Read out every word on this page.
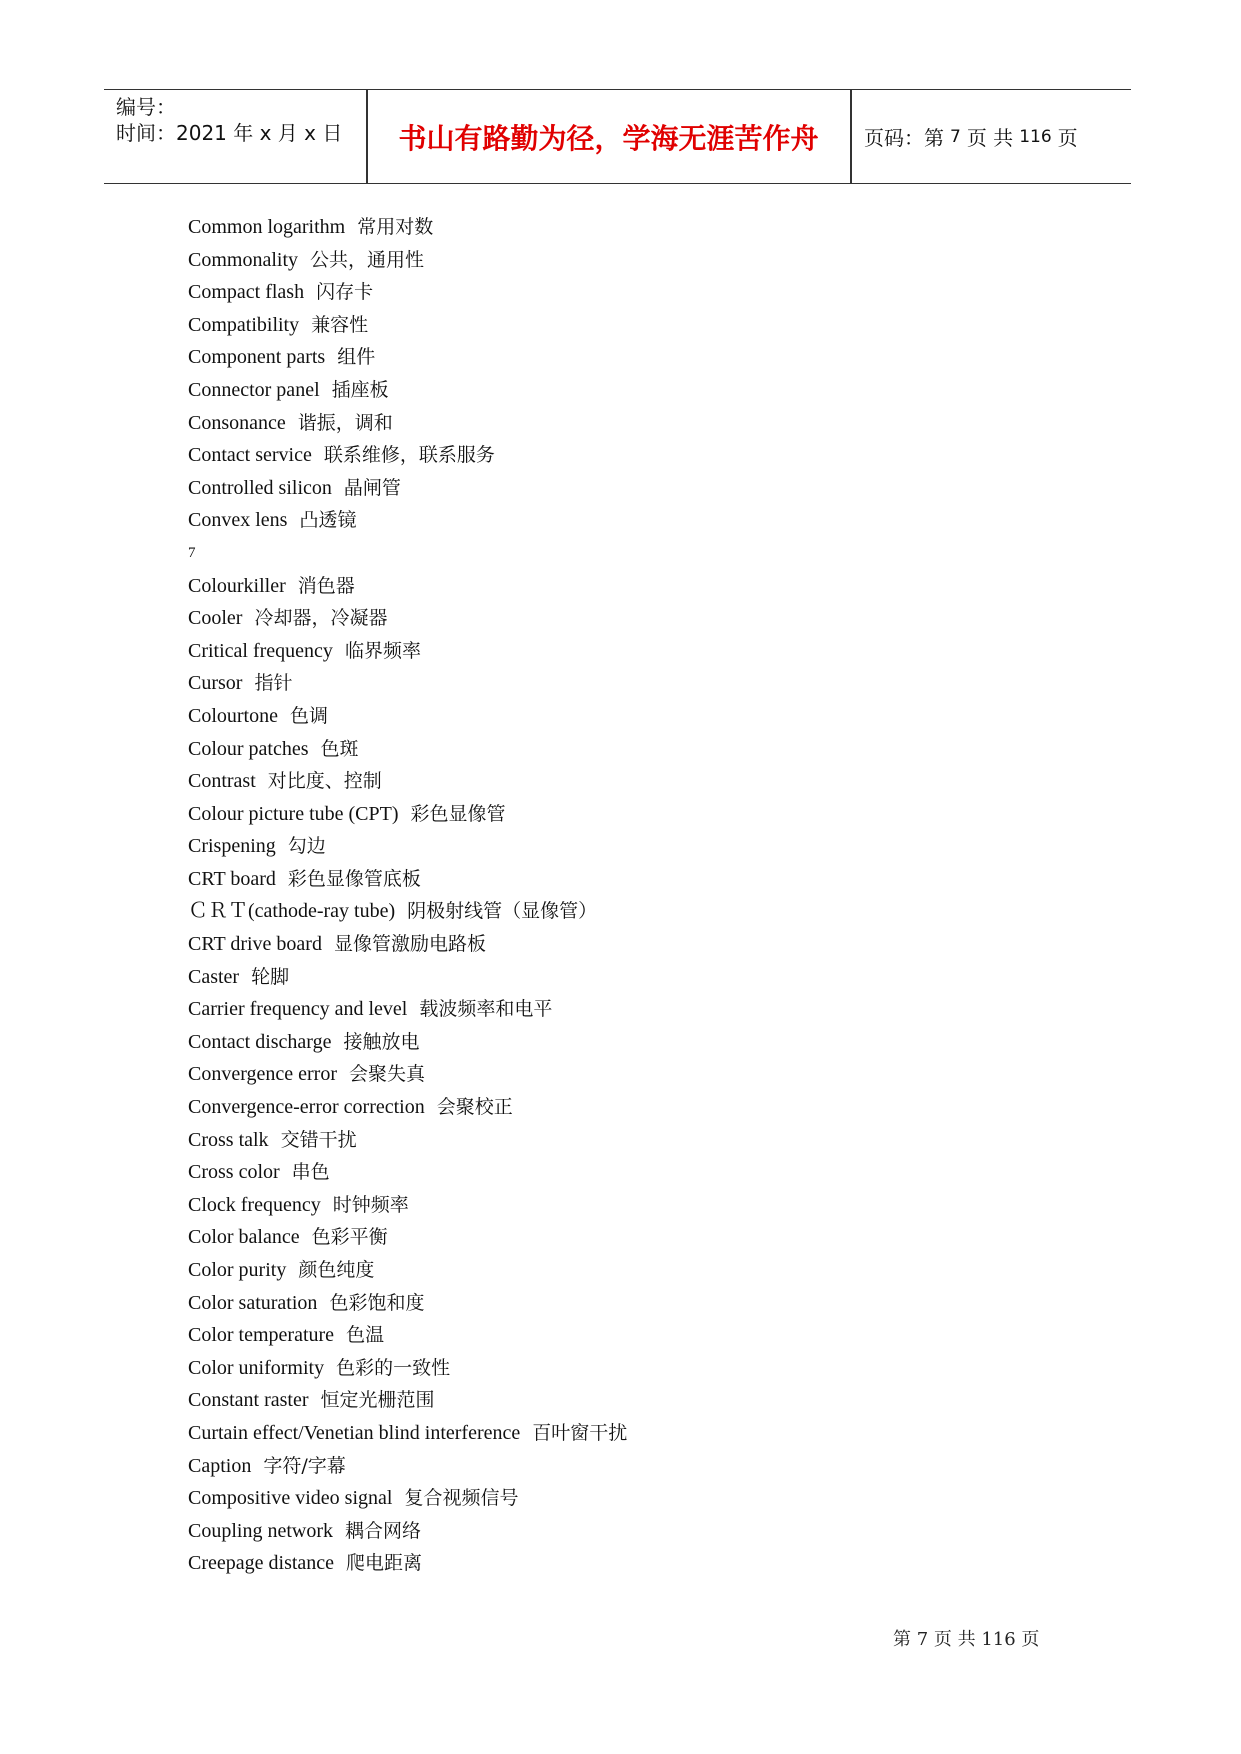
编号：
时间：2021 年 x 月 x 日	书山有路勤为径，学海无涯苦作舟	页码：第 7 页 共 116 页
Common logarithm 常用对数
Commonality 公共，通用性
Compact flash 闪存卡
Compatibility 兼容性
Component parts 组件
Connector panel 插座板
Consonance 谐振，调和
Contact service 联系维修，联系服务
Controlled silicon 晶闸管
Convex lens 凸透镜
7
Colourkiller 消色器
Cooler 冷却器，冷凝器
Critical frequency 临界频率
Cursor 指针
Colourtone 色调
Colour patches 色斑
Contrast 对比度、控制
Colour picture tube (CPT) 彩色显像管
Crispening 勾边
CRT board 彩色显像管底板
ＣＲＴ(cathode-ray tube) 阴极射线管（显像管）
CRT drive board 显像管激励电路板
Caster 轮脚
Carrier frequency and level 载波频率和电平
Contact discharge 接触放电
Convergence error 会聚失真
Convergence-error correction 会聚校正
Cross talk 交错干扰
Cross color 串色
Clock frequency 时钟频率
Color balance 色彩平衡
Color purity 颜色纯度
Color saturation 色彩饱和度
Color temperature 色温
Color uniformity 色彩的一致性
Constant raster 恒定光栅范围
Curtain effect/Venetian blind interference 百叶窗干扰
Caption 字符/字幕
Compositive video signal 复合视频信号
Coupling network 耦合网络
Creepage distance 爬电距离
第 7 页 共 116 页
